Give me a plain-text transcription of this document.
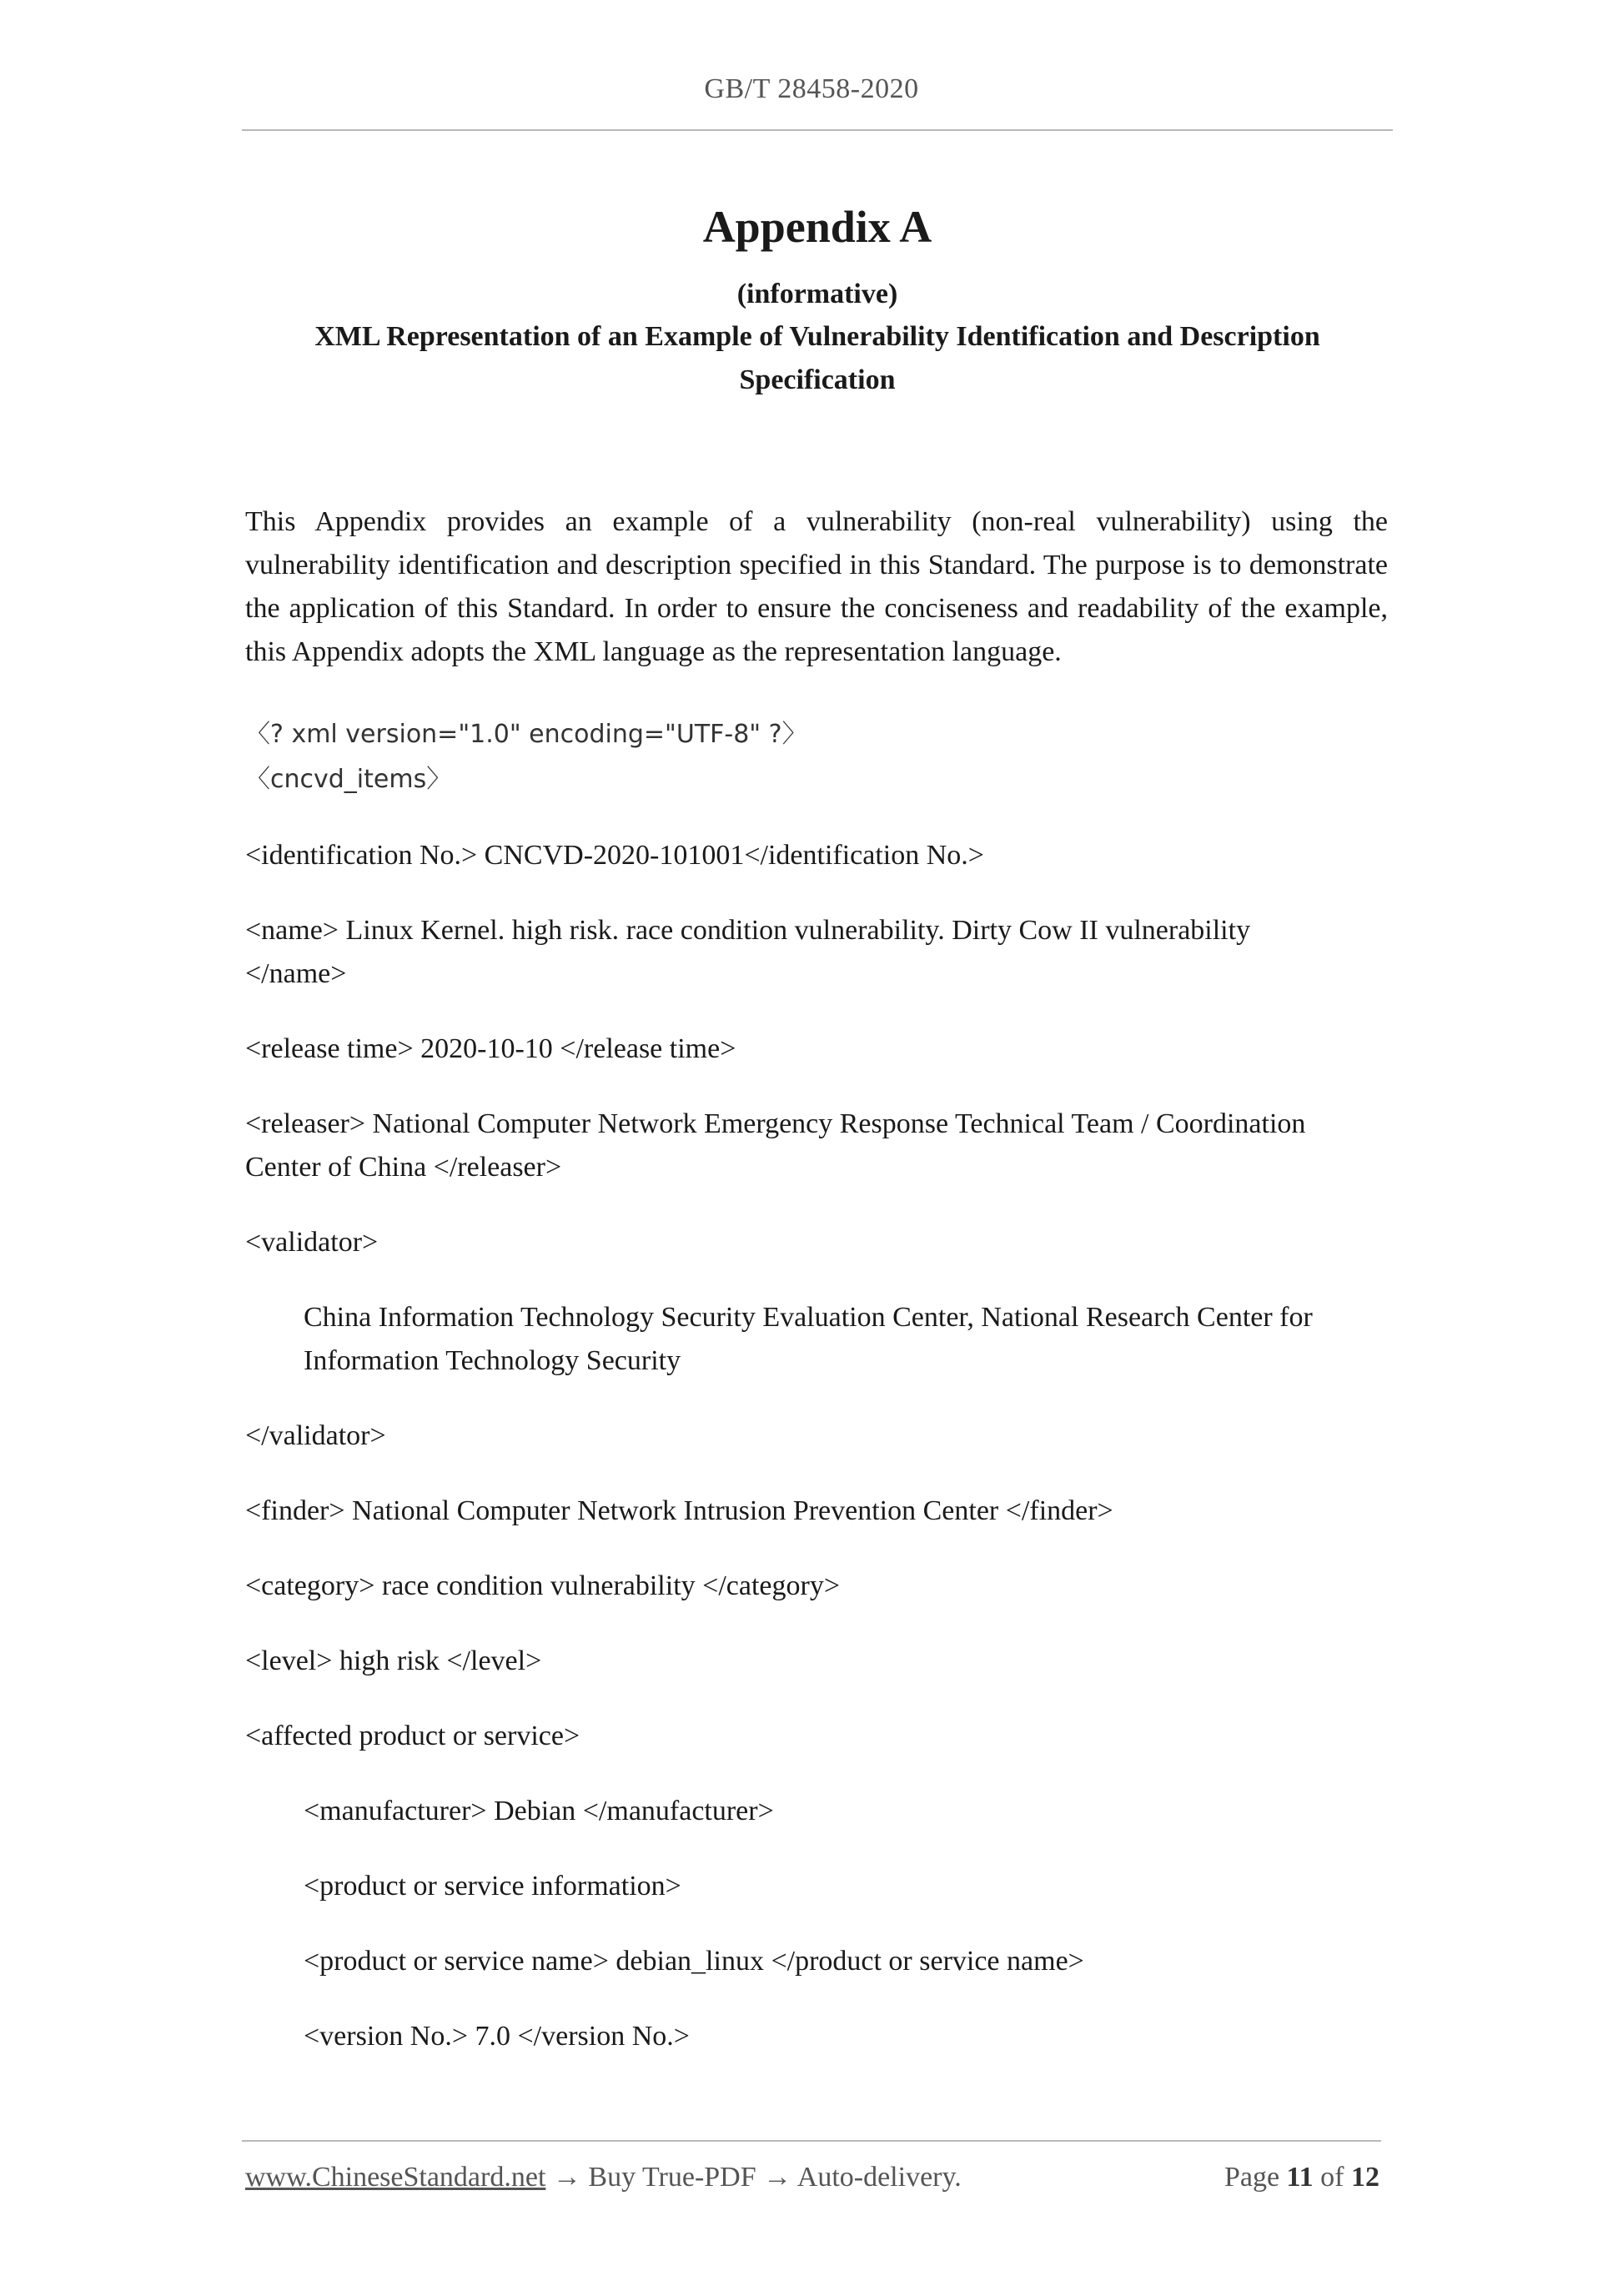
GB/T 28458-2020
Appendix A

(informative)

XML Representation of an Example of Vulnerability Identification and Description

Specification

This Appendix provides an example of a vulnerability (non-real vulnerability) using the vulnerability identification and description specified in this Standard. The purpose is to demonstrate the application of this Standard. In order to ensure the conciseness and readability of the example, this Appendix adopts the XML language as the representation language.

〈? xml version="1.0" encoding="UTF-8" ?〉

〈cncvd_items〉

<identification No.> CNCVD-2020-101001</identification No.>

<name> Linux Kernel. high risk. race condition vulnerability. Dirty Cow II vulnerability

</name>

<release time> 2020-10-10 </release time>

<releaser> National Computer Network Emergency Response Technical Team / Coordination

Center of China </releaser>

<validator>

China Information Technology Security Evaluation Center, National Research Center for

Information Technology Security

</validator>

<finder> National Computer Network Intrusion Prevention Center </finder>

<category> race condition vulnerability </category>

<level> high risk </level>

<affected product or service>

<manufacturer> Debian </manufacturer>

<product or service information>

<product or service name> debian_linux </product or service name>

<version No.> 7.0 </version No.>

www.ChineseStandard.net → Buy True-PDF → Auto-delivery.	Page 11 of 12
